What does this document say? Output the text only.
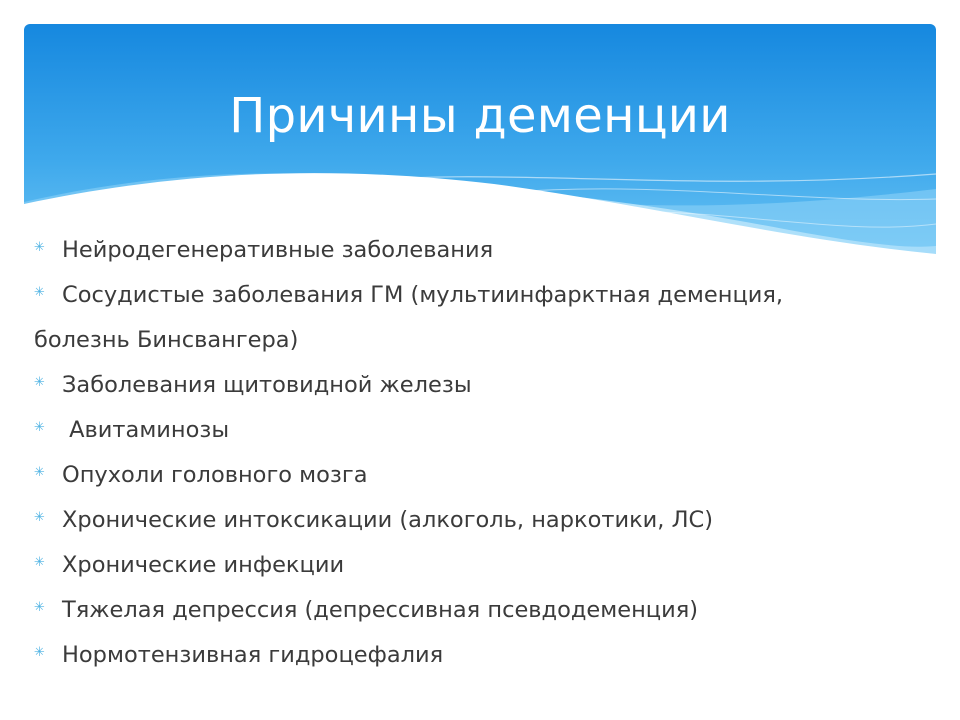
Причины деменции
✳ Нейродегенеративные заболевания
✳ Сосудистые заболевания ГМ (мультиинфарктная деменция,
болезнь Бинсвангера)
✳ Заболевания щитовидной железы
✳ Авитаминозы
✳ Опухоли головного мозга
✳ Хронические интоксикации (алкоголь, наркотики, ЛС)
✳ Хронические инфекции
✳ Тяжелая депрессия (депрессивная псевдодеменция)
✳ Нормотензивная гидроцефалия
